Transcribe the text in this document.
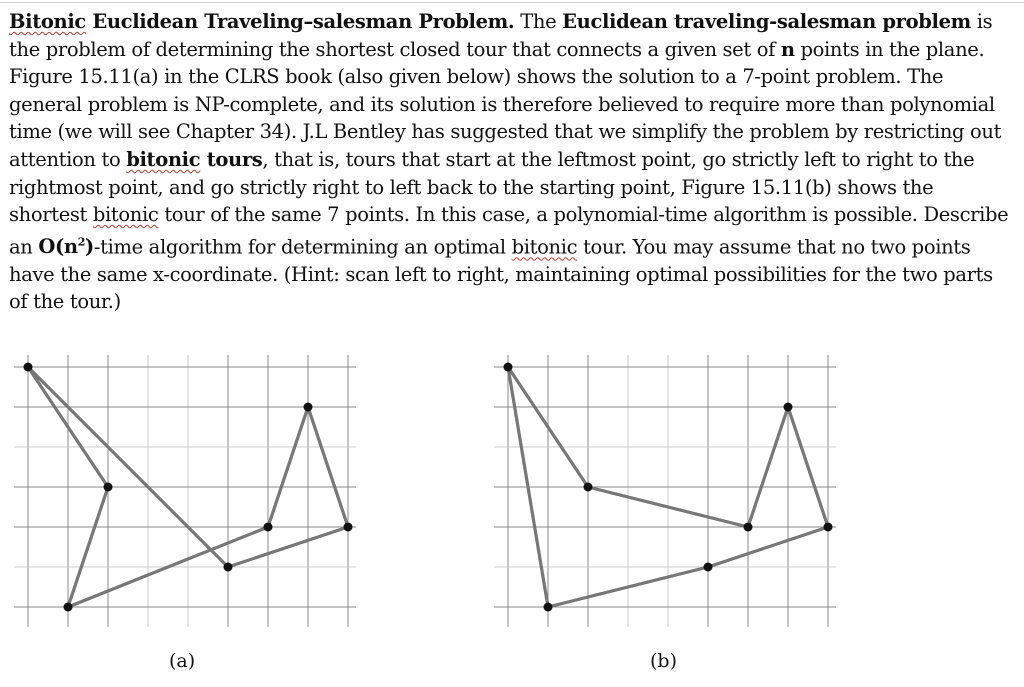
Bitonic Euclidean Traveling–salesman Problem. The Euclidean traveling-salesman problem is the problem of determining the shortest closed tour that connects a given set of n points in the plane. Figure 15.11(a) in the CLRS book (also given below) shows the solution to a 7-point problem. The general problem is NP-complete, and its solution is therefore believed to require more than polynomial time (we will see Chapter 34). J.L Bentley has suggested that we simplify the problem by restricting out attention to bitonic tours, that is, tours that start at the leftmost point, go strictly left to right to the rightmost point, and go strictly right to left back to the starting point, Figure 15.11(b) shows the shortest bitonic tour of the same 7 points. In this case, a polynomial-time algorithm is possible. Describe an $O(n^2)$-time algorithm for determining an optimal bitonic tour. You may assume that no two points have the same x-coordinate. (Hint: scan left to right, maintaining optimal possibilities for the two parts of the tour.)

(a)	(b)
